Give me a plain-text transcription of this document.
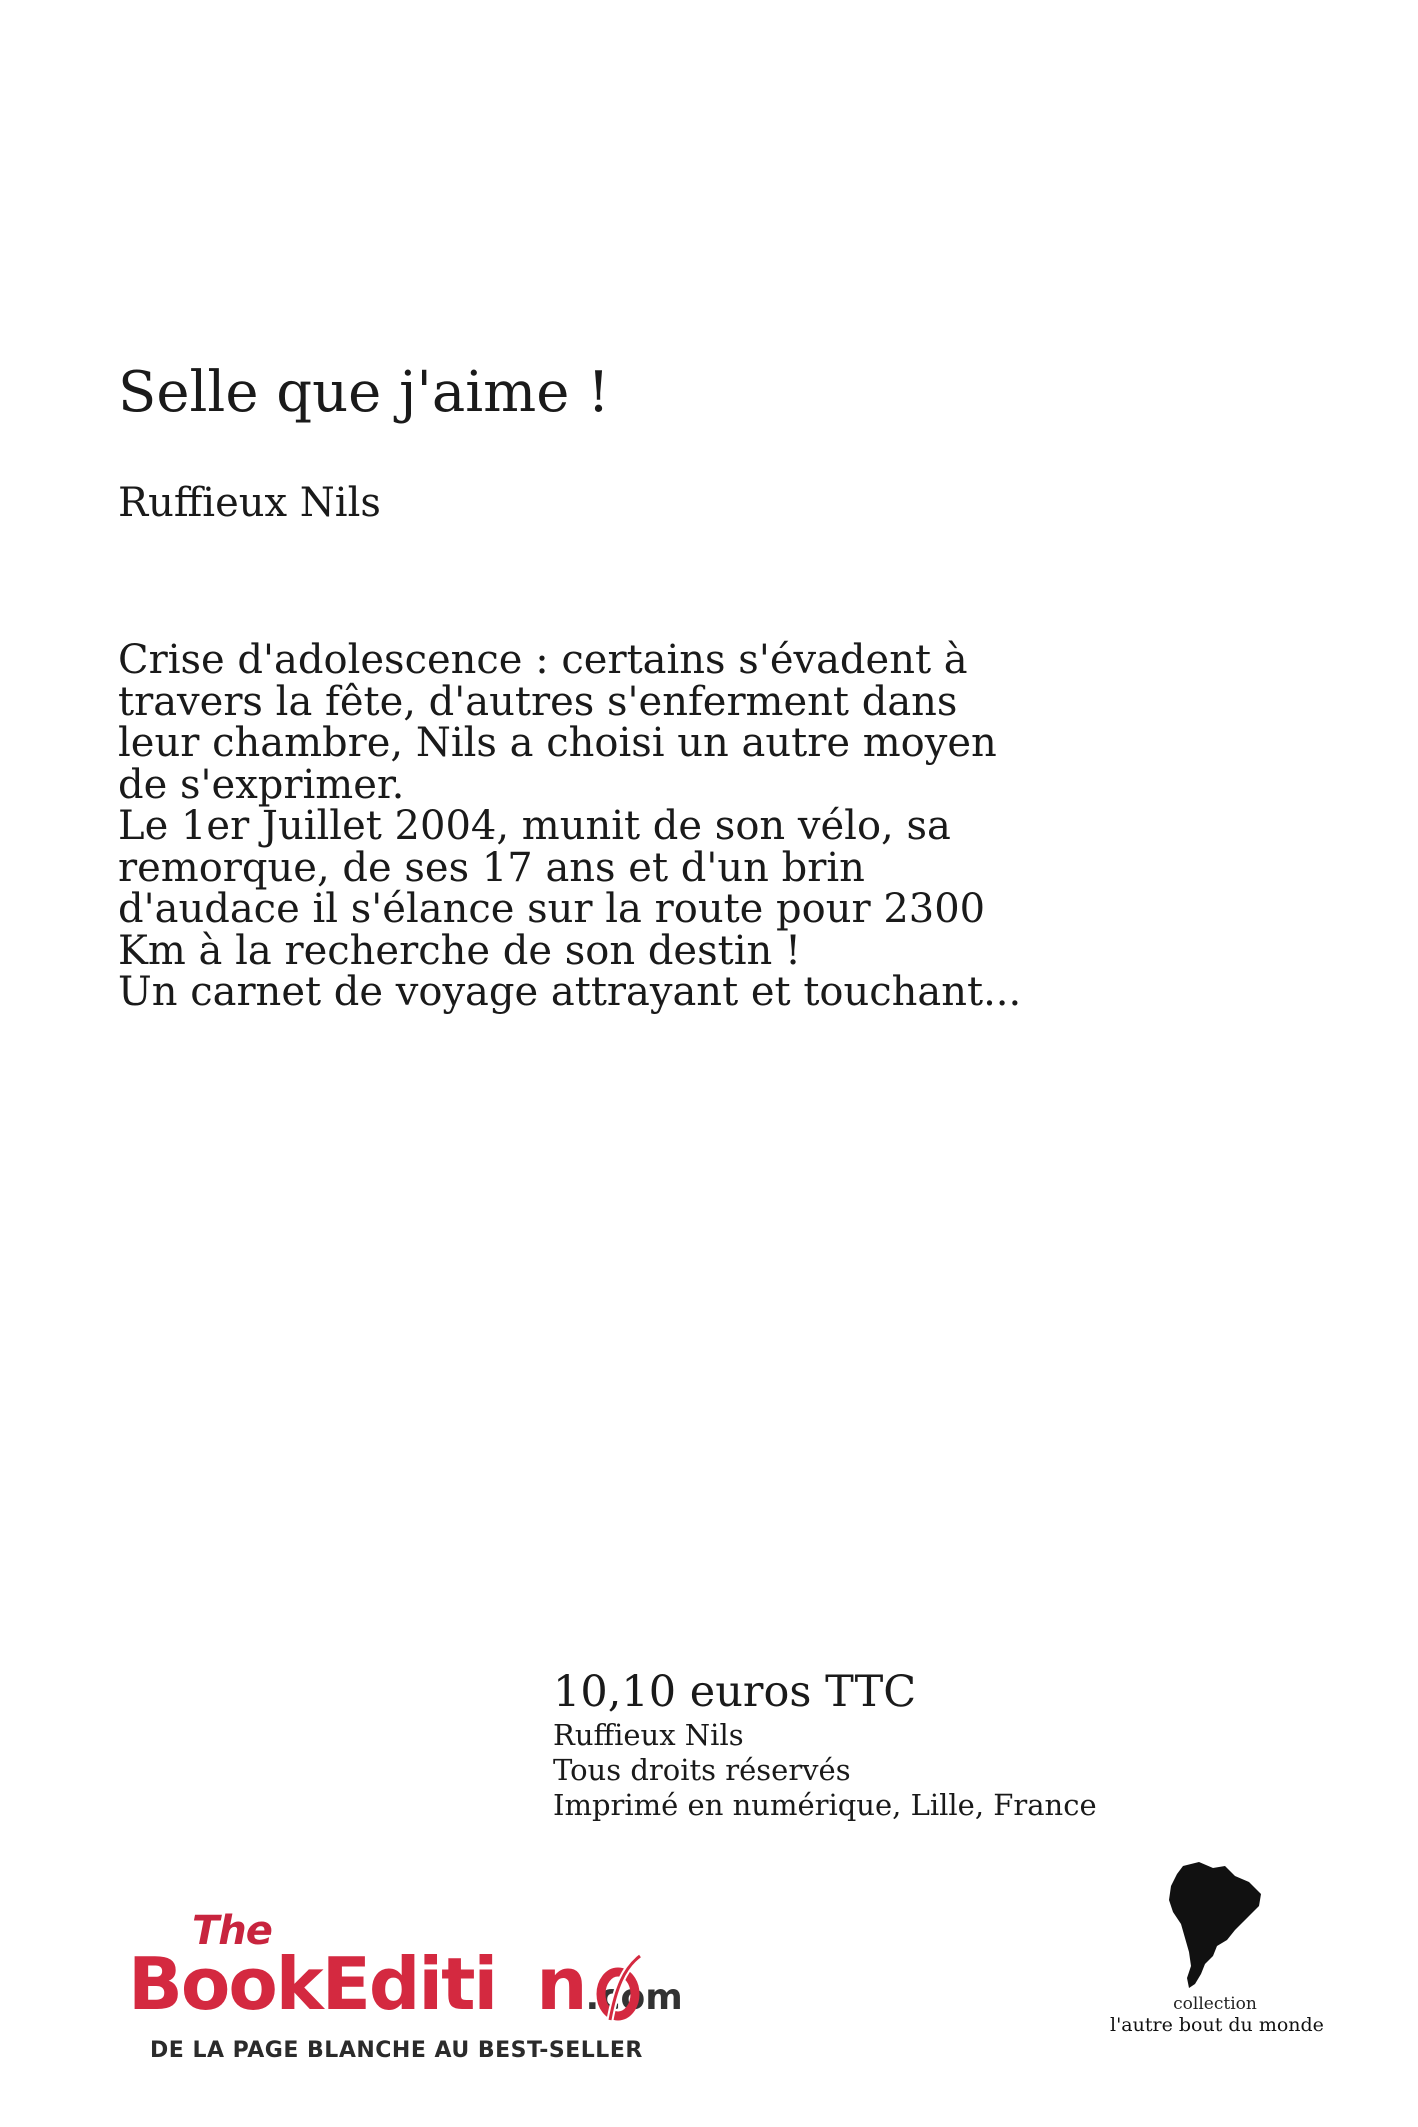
Selle que j'aime !
Ruffieux Nils
Crise d'adolescence : certains s'évadent à
travers la fête, d'autres s'enferment dans
leur chambre, Nils a choisi un autre moyen
de s'exprimer.
Le 1er Juillet 2004, munit de son vélo, sa
remorque, de ses 17 ans et d'un brin
d'audace il s'élance sur la route pour 2300
Km à la recherche de son destin !
Un carnet de voyage attrayant et touchant...
10,10 euros TTC
Ruffieux Nils
Tous droits réservés
Imprimé en numérique, Lille, France
The
BookEditi n.com
DE LA PAGE BLANCHE AU BEST-SELLER
collection
l'autre bout du monde
